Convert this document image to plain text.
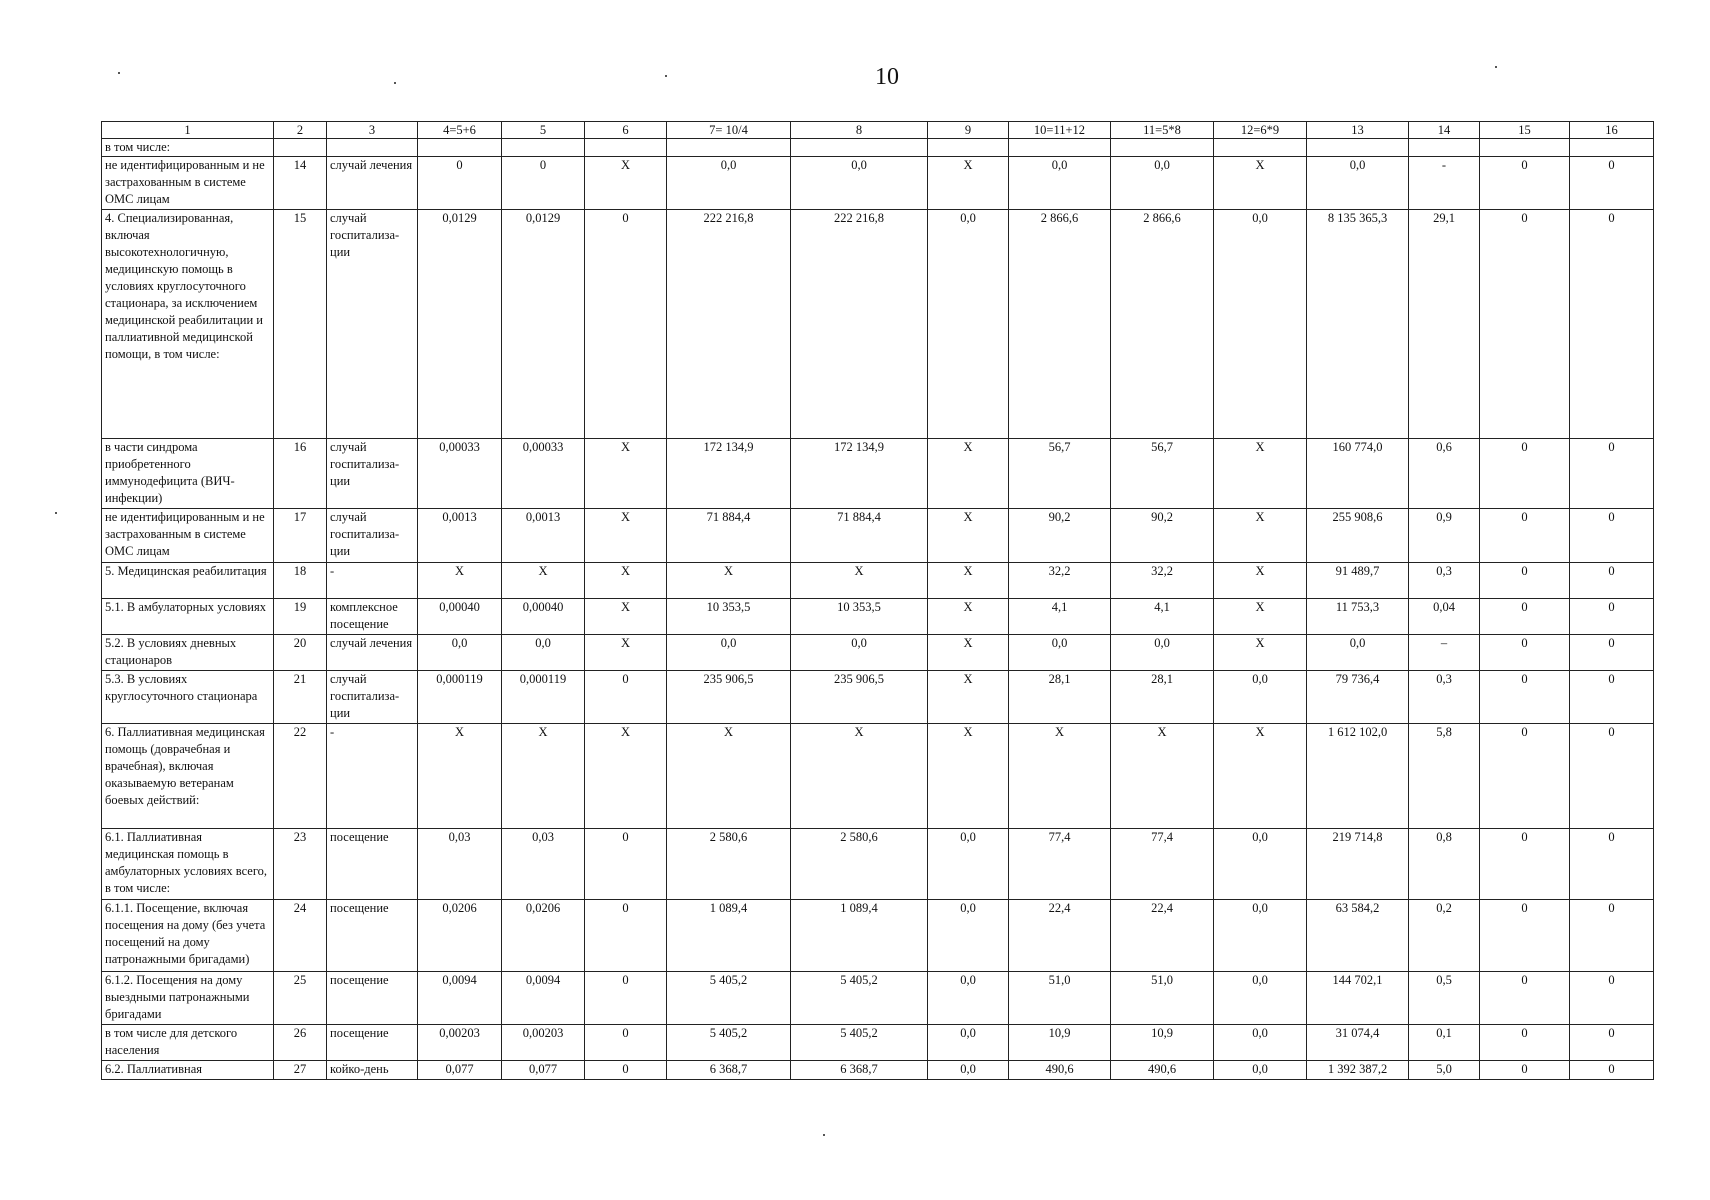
10
1	2	3	4=5+6	5	6	7= 10/4	8	9	10=11+12	11=5*8	12=6*9	13	14	15	16
в том числе:															
не идентифицированным и не застрахованным в системе ОМС лицам	14	случай лечения	0	0	Х	0,0	0,0	Х	0,0	0,0	Х	0,0	-	0	0
4. Специализированная, включая высокотехнологичную, медицинскую помощь в условиях круглосуточного стационара, за исключением медицинской реабилитации и паллиативной медицинской помощи, в том числе:	15	случай госпитализа-ции	0,0129	0,0129	0	222 216,8	222 216,8	0,0	2 866,6	2 866,6	0,0	8 135 365,3	29,1	0	0
в части синдрома приобретенного иммунодефицита (ВИЧ-инфекции)	16	случай госпитализа-ции	0,00033	0,00033	Х	172 134,9	172 134,9	Х	56,7	56,7	Х	160 774,0	0,6	0	0
не идентифицированным и не застрахованным в системе ОМС лицам	17	случай госпитализа-ции	0,0013	0,0013	Х	71 884,4	71 884,4	Х	90,2	90,2	Х	255 908,6	0,9	0	0
5. Медицинская реабилитация	18	-	Х	Х	Х	Х	Х	Х	32,2	32,2	Х	91 489,7	0,3	0	0
5.1. В амбулаторных условиях	19	комплексное посещение	0,00040	0,00040	Х	10 353,5	10 353,5	Х	4,1	4,1	Х	11 753,3	0,04	0	0
5.2. В условиях дневных стационаров	20	случай лечения	0,0	0,0	Х	0,0	0,0	Х	0,0	0,0	Х	0,0	–	0	0
5.3. В условиях круглосуточного стационара	21	случай госпитализа-ции	0,000119	0,000119	0	235 906,5	235 906,5	Х	28,1	28,1	0,0	79 736,4	0,3	0	0
6. Паллиативная медицинская помощь (доврачебная и врачебная), включая оказываемую ветеранам боевых действий:	22	-	Х	Х	Х	Х	Х	Х	Х	Х	Х	1 612 102,0	5,8	0	0
6.1. Паллиативная медицинская помощь в амбулаторных условиях всего, в том числе:	23	посещение	0,03	0,03	0	2 580,6	2 580,6	0,0	77,4	77,4	0,0	219 714,8	0,8	0	0
6.1.1. Посещение, включая посещения на дому (без учета посещений на дому патронажными бригадами)	24	посещение	0,0206	0,0206	0	1 089,4	1 089,4	0,0	22,4	22,4	0,0	63 584,2	0,2	0	0
6.1.2. Посещения на дому выездными патронажными бригадами	25	посещение	0,0094	0,0094	0	5 405,2	5 405,2	0,0	51,0	51,0	0,0	144 702,1	0,5	0	0
в том числе для детского населения	26	посещение	0,00203	0,00203	0	5 405,2	5 405,2	0,0	10,9	10,9	0,0	31 074,4	0,1	0	0
6.2. Паллиативная	27	койко-день	0,077	0,077	0	6 368,7	6 368,7	0,0	490,6	490,6	0,0	1 392 387,2	5,0	0	0
